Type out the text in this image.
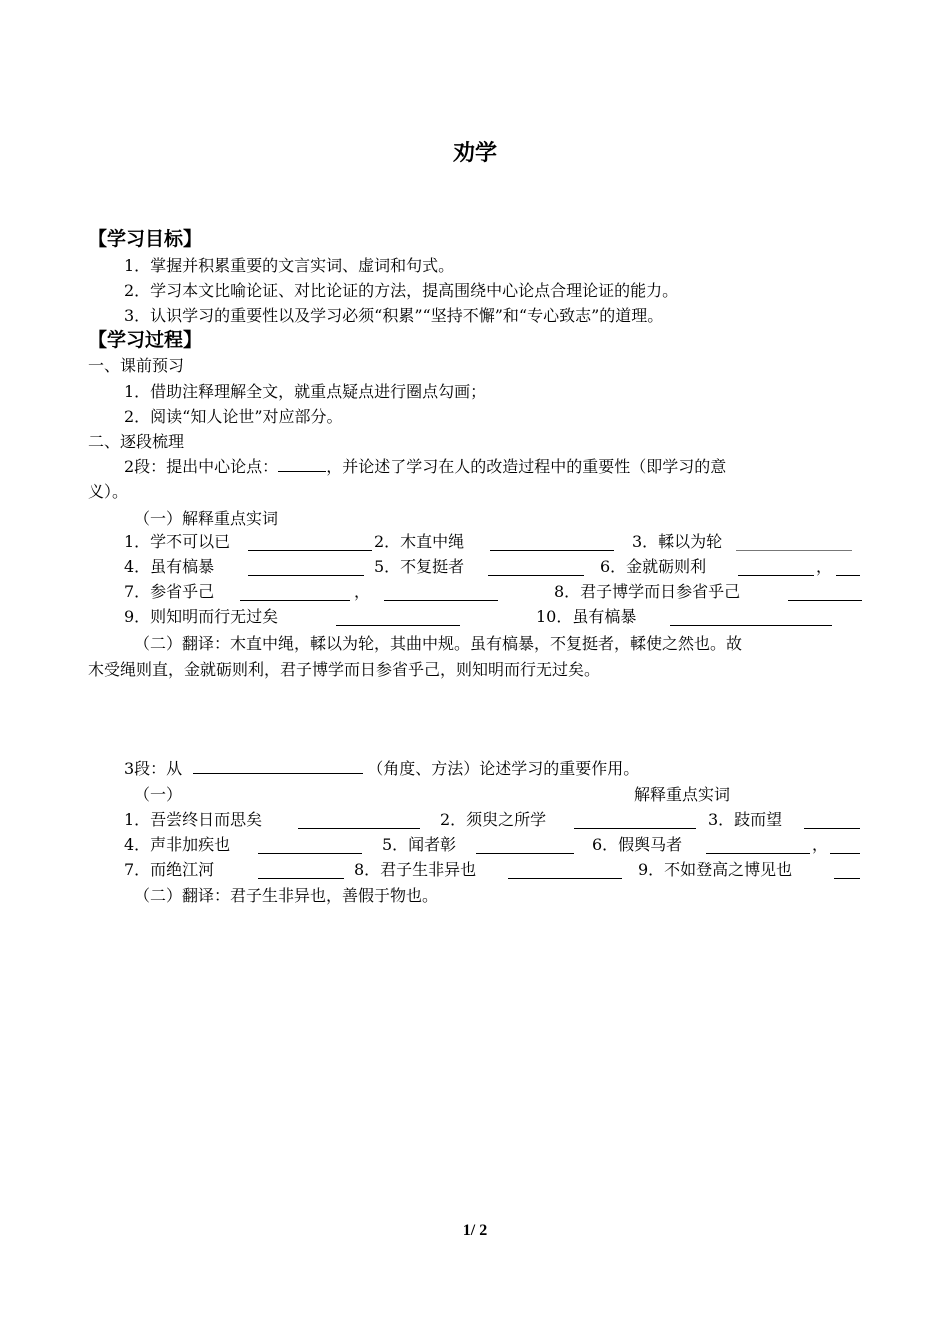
劝学
【学习目标】
1．掌握并积累重要的文言实词、虚词和句式。
2．学习本文比喻论证、对比论证的方法，提高围绕中心论点合理论证的能力。
3．认识学习的重要性以及学习必须“积累”“坚持不懈”和“专心致志”的道理。
【学习过程】
一、课前预习
1．借助注释理解全文，就重点疑点进行圈点勾画；
2．阅读“知人论世”对应部分。
二、逐段梳理
2段：提出中心论点：	，并论述了学习在人的改造过程中的重要性（即学习的意
义）。
（一）解释重点实词
1．学不可以已	2．木直中绳	3．輮以为轮
4．虽有槁暴	5．不复挺者	6．金就砺则利	，
7．参省乎己	，	8．君子博学而日参省乎己
9．则知明而行无过矣	10．虽有槁暴
（二）翻译：木直中绳，輮以为轮，其曲中规。虽有槁暴，不复挺者，輮使之然也。故
木受绳则直，金就砺则利，君子博学而日参省乎己，则知明而行无过矣。
3段：从	（角度、方法）论述学习的重要作用。
（一）	解释重点实词
1．吾尝终日而思矣	2．须臾之所学	3．跂而望
4．声非加疾也	5．闻者彰	6．假舆马者	，
7．而绝江河	8．君子生非异也	9．不如登高之博见也
（二）翻译：君子生非异也，善假于物也。
1/ 2
